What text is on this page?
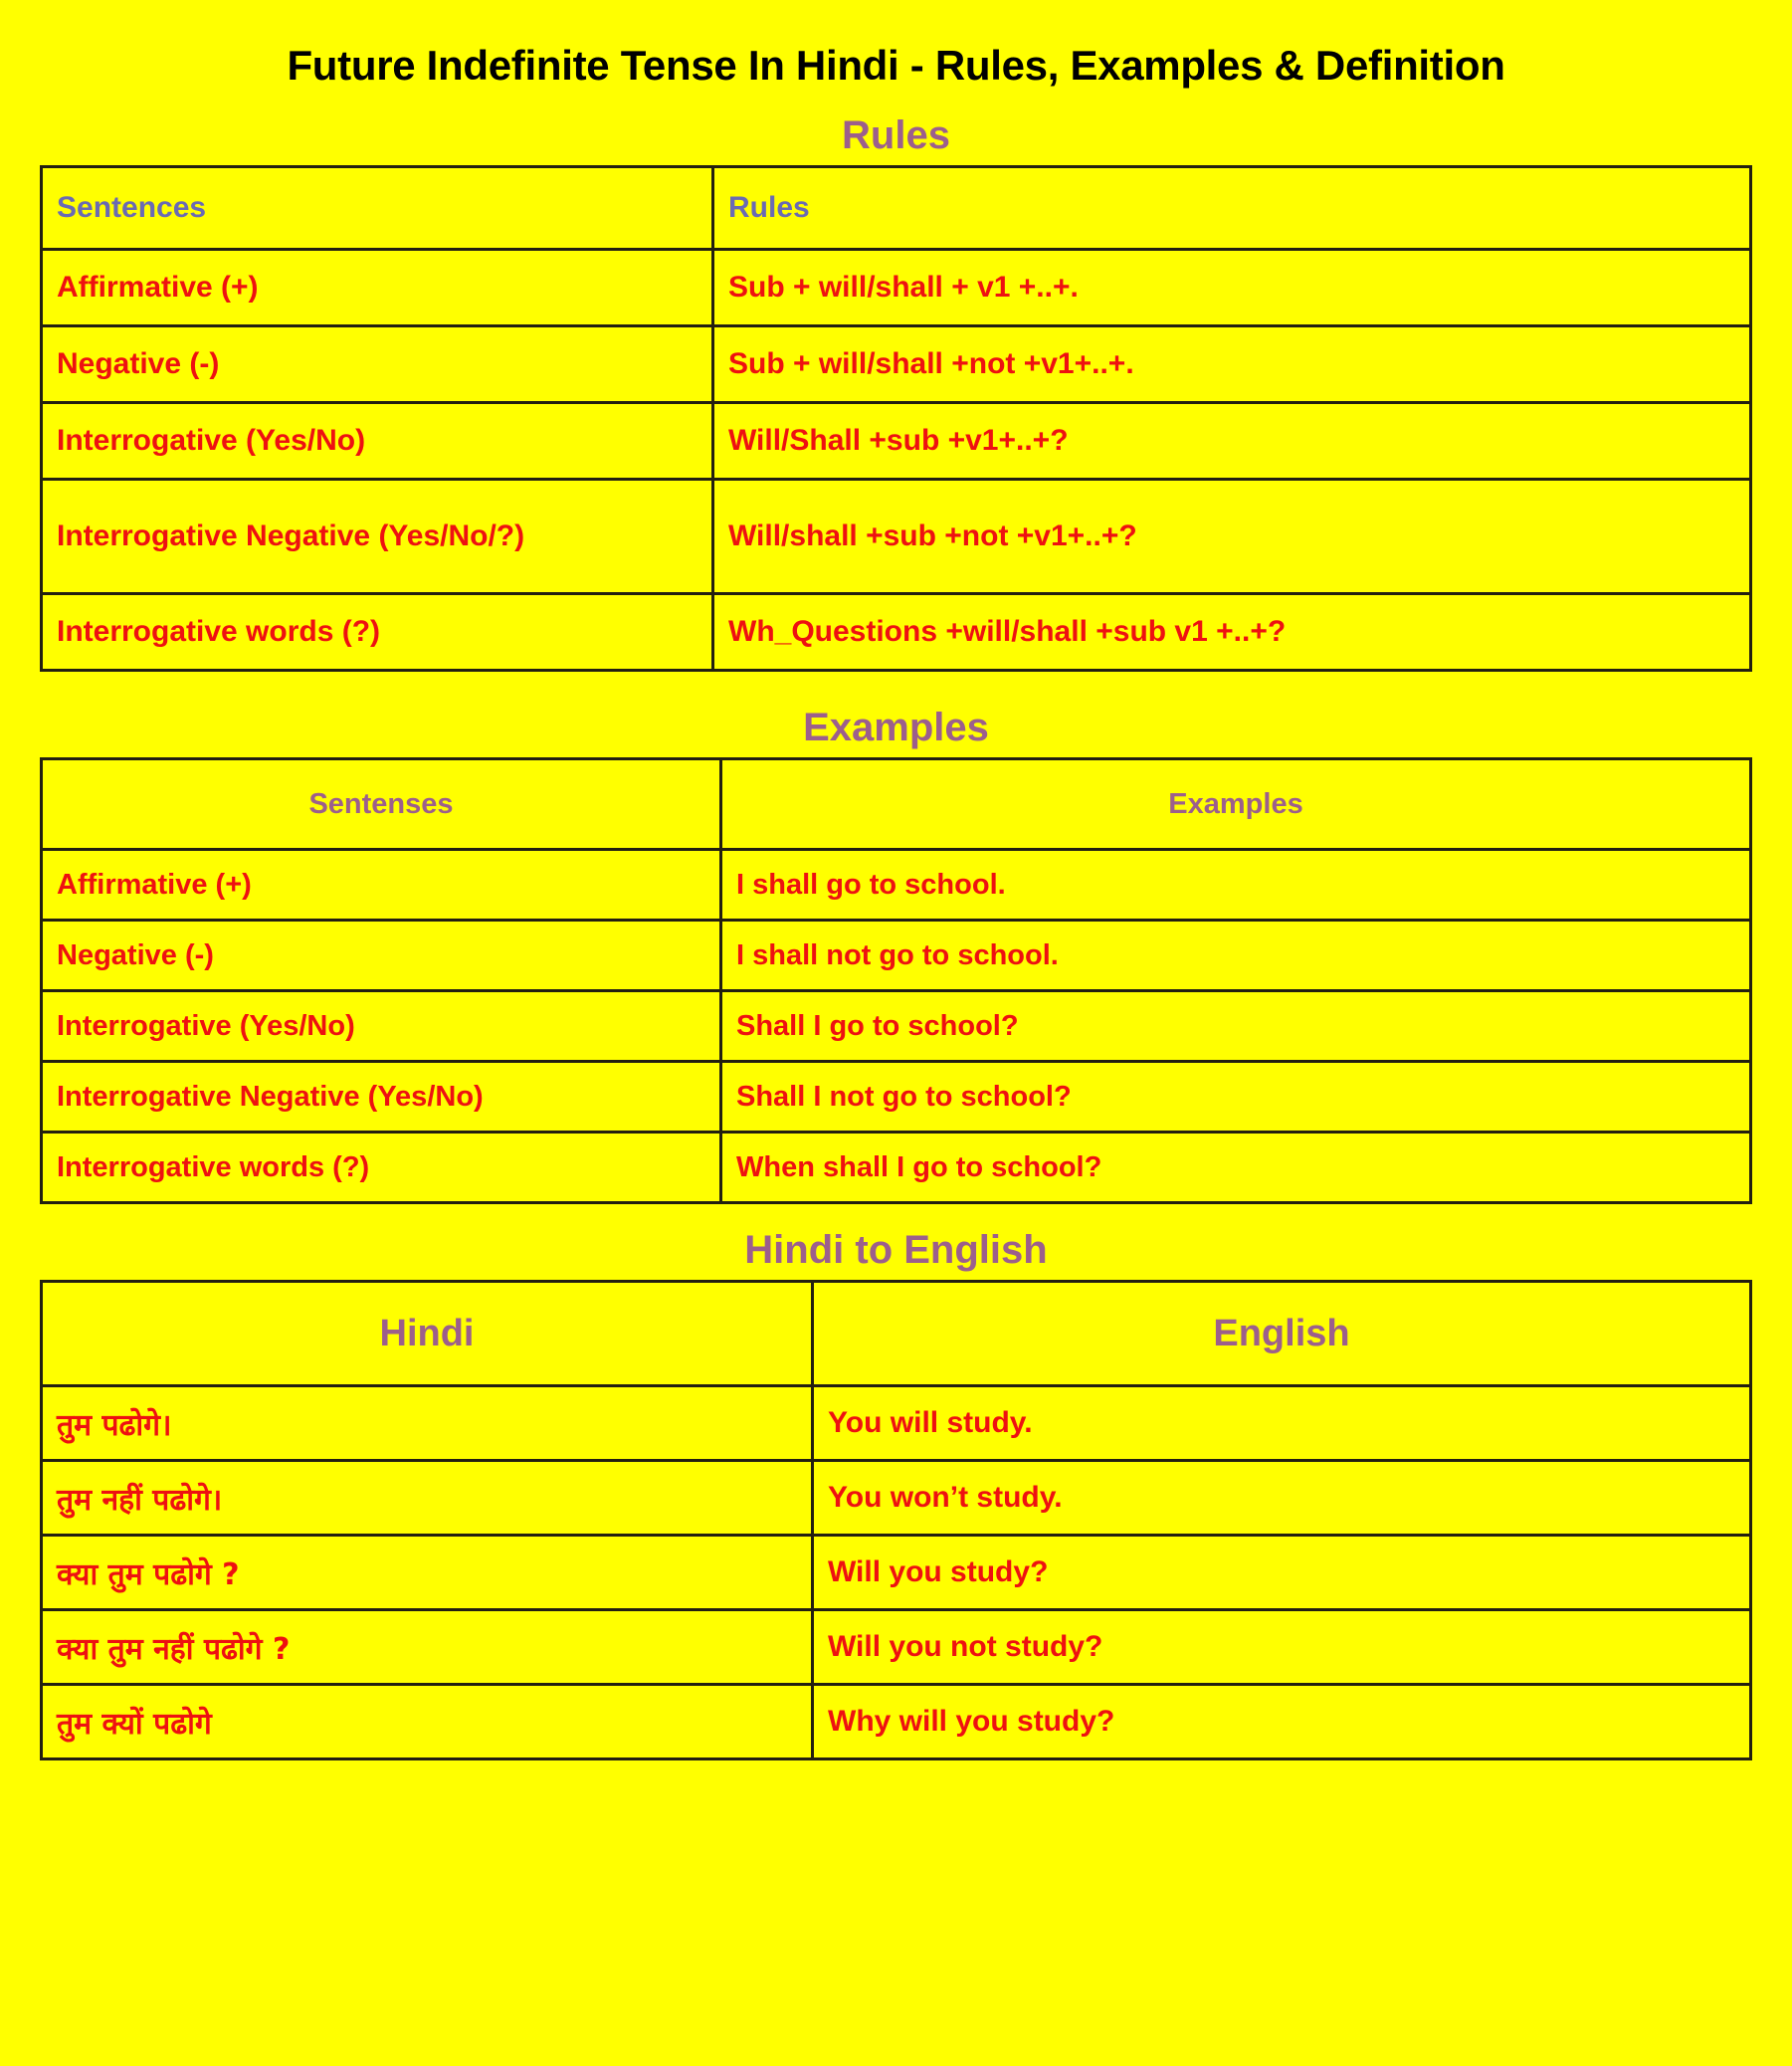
Future Indefinite Tense In Hindi - Rules, Examples & Definition
Rules
Sentences	Rules
Affirmative (+)	Sub + will/shall + v1 +..+.
Negative (-)	Sub + will/shall +not +v1+..+.
Interrogative (Yes/No)	Will/Shall +sub +v1+..+?
Interrogative Negative (Yes/No/?)	Will/shall +sub +not +v1+..+?
Interrogative words (?)	Wh_Questions +will/shall +sub v1 +..+?
Examples
Sentenses	Examples
Affirmative (+)	I shall go to school.
Negative (-)	I shall not go to school.
Interrogative (Yes/No)	Shall I go to school?
Interrogative Negative (Yes/No)	Shall I not go to school?
Interrogative words (?)	When shall I go to school?
Hindi to English
Hindi	English
तुम पढोगे।	You will study.
तुम नहीं पढोगे।	You won’t study.
क्या तुम पढोगे ?	Will you study?
क्या तुम नहीं पढोगे ?	Will you not study?
तुम क्यों पढोगे	Why will you study?
